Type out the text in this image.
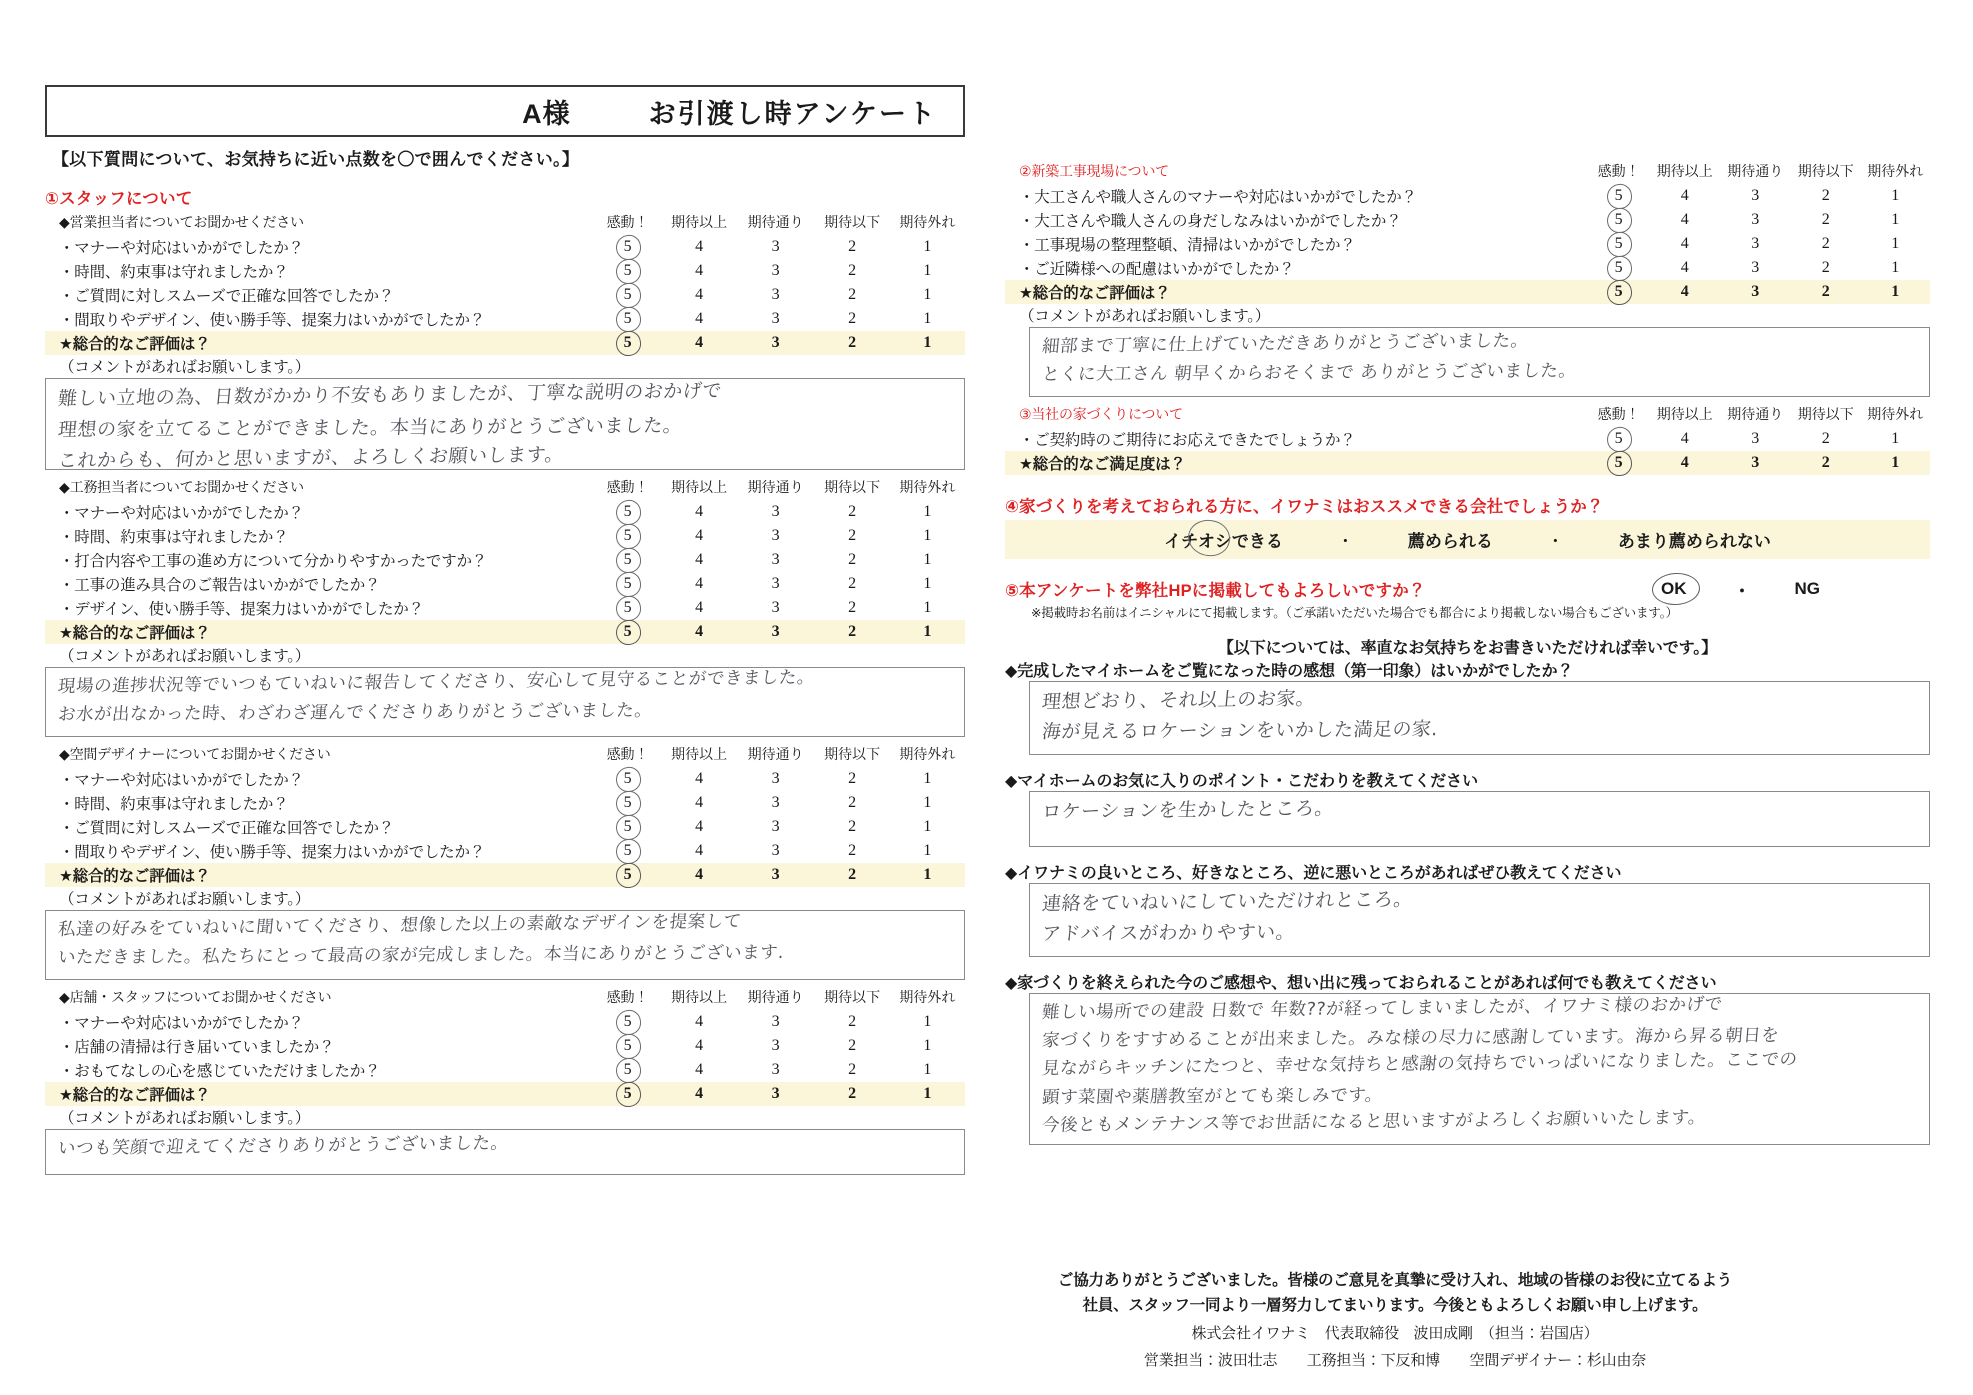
A様	お引渡し時アンケート
【以下質問について、お気持ちに近い点数を〇で囲んでください。】
①スタッフについて
◆営業担当者についてお聞かせください	感動！	期待以上	期待通り	期待以下	期待外れ
・マナーや対応はいかがでしたか？	5	4	3	2	1
・時間、約束事は守れましたか？	5	4	3	2	1
・ご質問に対しスムーズで正確な回答でしたか？	5	4	3	2	1
・間取りやデザイン、使い勝手等、提案力はいかがでしたか？	5	4	3	2	1
★総合的なご評価は？	5	4	3	2	1
（コメントがあればお願いします。）					
難しい立地の為、日数がかかり不安もありましたが、丁寧な説明のおかげで
理想の家を立てることができました。本当にありがとうございました。
これからも、何かと思いますが、よろしくお願いします。
◆工務担当者についてお聞かせください	感動！	期待以上	期待通り	期待以下	期待外れ
・マナーや対応はいかがでしたか？	5	4	3	2	1
・時間、約束事は守れましたか？	5	4	3	2	1
・打合内容や工事の進め方について分かりやすかったですか？	5	4	3	2	1
・工事の進み具合のご報告はいかがでしたか？	5	4	3	2	1
・デザイン、使い勝手等、提案力はいかがでしたか？	5	4	3	2	1
★総合的なご評価は？	5	4	3	2	1
（コメントがあればお願いします。）					
現場の進捗状況等でいつもていねいに報告してくださり、安心して見守ることができました。
お水が出なかった時、わざわざ運んでくださりありがとうございました。
◆空間デザイナーについてお聞かせください	感動！	期待以上	期待通り	期待以下	期待外れ
・マナーや対応はいかがでしたか？	5	4	3	2	1
・時間、約束事は守れましたか？	5	4	3	2	1
・ご質問に対しスムーズで正確な回答でしたか？	5	4	3	2	1
・間取りやデザイン、使い勝手等、提案力はいかがでしたか？	5	4	3	2	1
★総合的なご評価は？	5	4	3	2	1
（コメントがあればお願いします。）					
私達の好みをていねいに聞いてくださり、想像した以上の素敵なデザインを提案して
いただきました。私たちにとって最高の家が完成しました。本当にありがとうございます.
◆店舗・スタッフについてお聞かせください	感動！	期待以上	期待通り	期待以下	期待外れ
・マナーや対応はいかがでしたか？	5	4	3	2	1
・店舗の清掃は行き届いていましたか？	5	4	3	2	1
・おもてなしの心を感じていただけましたか？	5	4	3	2	1
★総合的なご評価は？	5	4	3	2	1
（コメントがあればお願いします。）					
いつも笑顔で迎えてくださりありがとうございました。
②新築工事現場について	感動！	期待以上	期待通り	期待以下	期待外れ
・大工さんや職人さんのマナーや対応はいかがでしたか？	5	4	3	2	1
・大工さんや職人さんの身だしなみはいかがでしたか？	5	4	3	2	1
・工事現場の整理整頓、清掃はいかがでしたか？	5	4	3	2	1
・ご近隣様への配慮はいかがでしたか？	5	4	3	2	1
★総合的なご評価は？	5	4	3	2	1
（コメントがあればお願いします。）					
細部まで丁寧に仕上げていただきありがとうございました。
とくに大工さん 朝早くからおそくまで ありがとうございました。
③当社の家づくりについて	感動！	期待以上	期待通り	期待以下	期待外れ
・ご契約時のご期待にお応えできたでしょうか？	5	4	3	2	1
★総合的なご満足度は？	5	4	3	2	1
④家づくりを考えておられる方に、イワナミはおススメできる会社でしょうか？
イチオシできる	・	薦められる	・	あまり薦められない
⑤本アンケートを弊社HPに掲載してもよろしいですか？	OK	・	NG
※掲載時お名前はイニシャルにて掲載します。（ご承諾いただいた場合でも都合により掲載しない場合もございます。）
【以下については、率直なお気持ちをお書きいただければ幸いです。】
◆完成したマイホームをご覧になった時の感想（第一印象）はいかがでしたか？
理想どおり、それ以上のお家。
海が見えるロケーションをいかした満足の家.
◆マイホームのお気に入りのポイント・こだわりを教えてください
ロケーションを生かしたところ。
◆イワナミの良いところ、好きなところ、逆に悪いところがあればぜひ教えてください
連絡をていねいにしていただけれところ。
アドバイスがわかりやすい。
◆家づくりを終えられた今のご感想や、想い出に残っておられることがあれば何でも教えてください
難しい場所での建設 日数で 年数??が経ってしまいましたが、イワナミ様のおかげで
家づくりをすすめることが出来ました。みな様の尽力に感謝しています。海から昇る朝日を
見ながらキッチンにたつと、幸せな気持ちと感謝の気持ちでいっぱいになりました。ここでの
顕す菜園や薬膳教室がとても楽しみです。
今後ともメンテナンス等でお世話になると思いますがよろしくお願いいたします。
ご協力ありがとうございました。皆様のご意見を真摯に受け入れ、地域の皆様のお役に立てるよう
社員、スタッフ一同より一層努力してまいります。今後ともよろしくお願い申し上げます。
株式会社イワナミ　代表取締役　波田成剛　（担当：岩国店）
営業担当：波田壮志　　工務担当：下反和博　　空間デザイナー：杉山由奈
